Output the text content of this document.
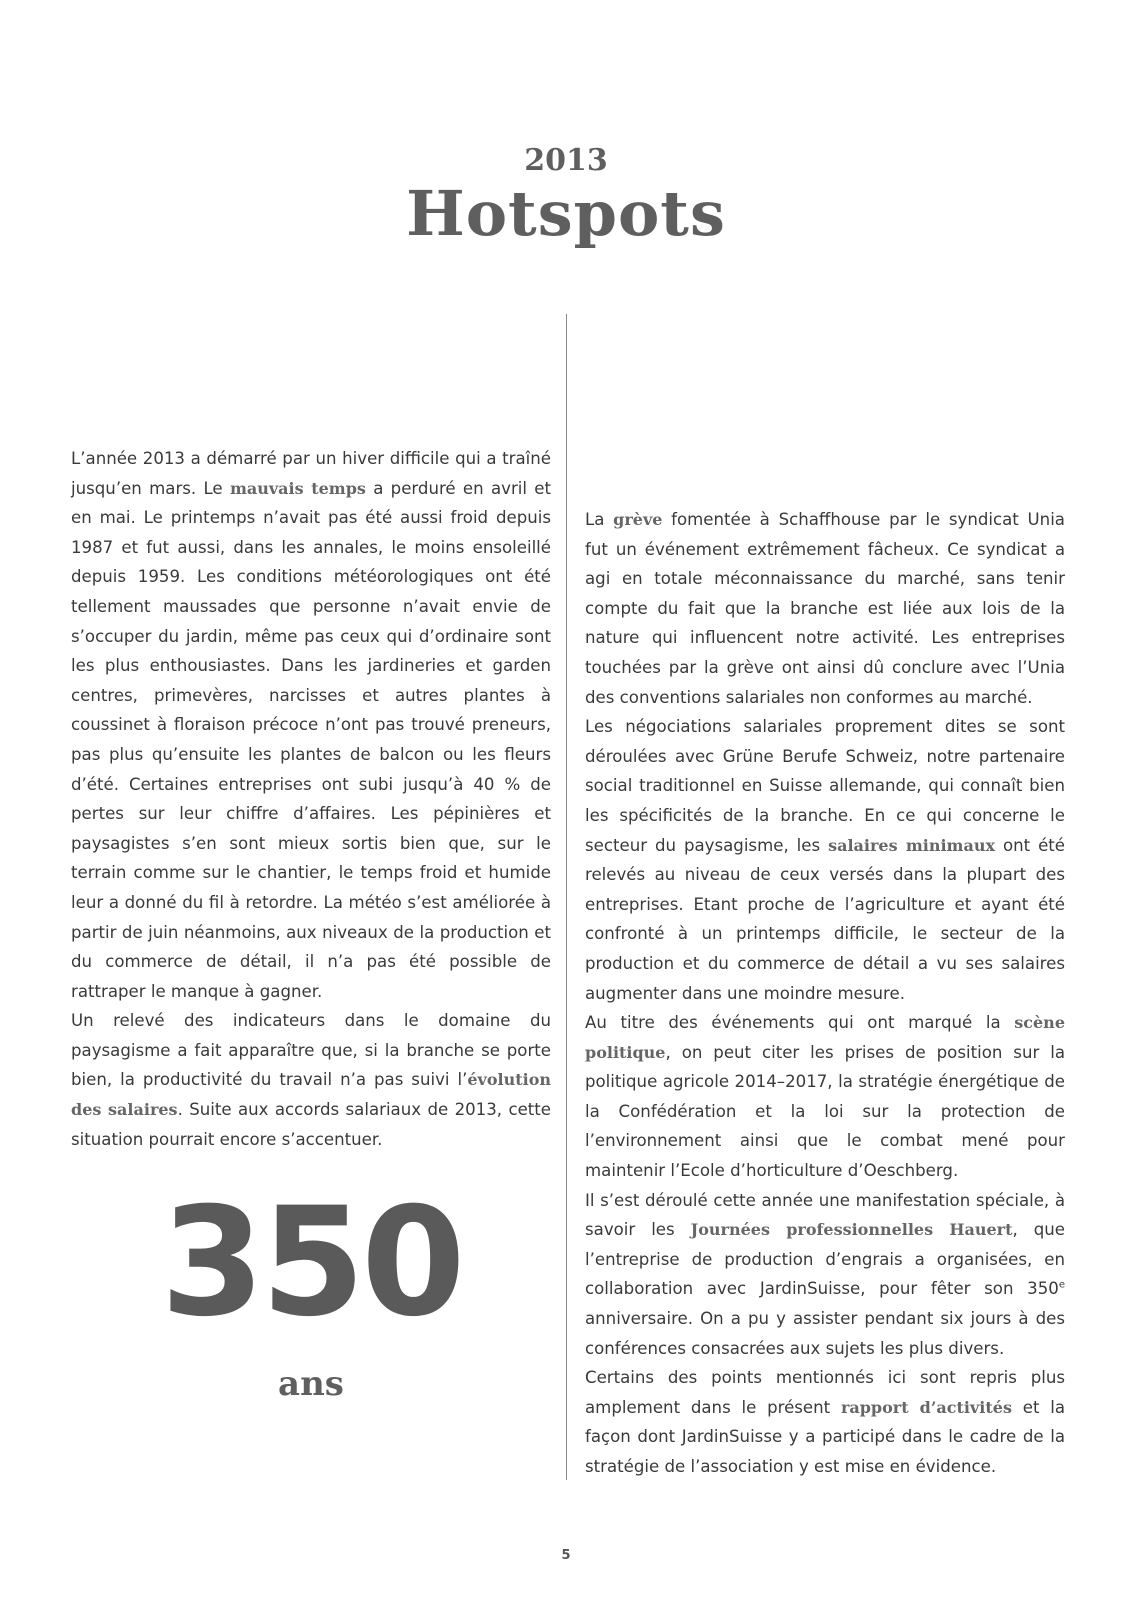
2013
Hotspots

L’année 2013 a démarré par un hiver difficile qui a traîné jusqu’en mars. Le mauvais temps a perduré en avril et en mai. Le printemps n’avait pas été aussi froid depuis 1987 et fut aussi, dans les annales, le moins ensoleillé depuis 1959. Les conditions météorologiques ont été tellement maussades que personne n’avait envie de s’occuper du jardin, même pas ceux qui d’ordinaire sont les plus enthousiastes. Dans les jardineries et garden centres, primevères, narcisses et autres plantes à coussinet à floraison précoce n’ont pas trouvé preneurs, pas plus qu’ensuite les plantes de balcon ou les fleurs d’été. Certaines entreprises ont subi jusqu’à 40 % de pertes sur leur chiffre d’affaires. Les pépinières et paysagistes s’en sont mieux sortis bien que, sur le terrain comme sur le chantier, le temps froid et humide leur a donné du fil à retordre. La météo s’est améliorée à partir de juin néanmoins, aux niveaux de la production et du commerce de détail, il n’a pas été possible de rattraper le manque à gagner.

Un relevé des indicateurs dans le domaine du paysagisme a fait apparaître que, si la branche se porte bien, la productivité du travail n’a pas suivi l’évolution des salaires. Suite aux accords salariaux de 2013, cette situation pourrait encore s’accentuer.

350
ans

La grève fomentée à Schaffhouse par le syndicat Unia fut un événement extrêmement fâcheux. Ce syndicat a agi en totale méconnaissance du marché, sans tenir compte du fait que la branche est liée aux lois de la nature qui influencent notre activité. Les entreprises touchées par la grève ont ainsi dû conclure avec l’Unia des conventions salariales non conformes au marché.

Les négociations salariales proprement dites se sont déroulées avec Grüne Berufe Schweiz, notre partenaire social traditionnel en Suisse allemande, qui connaît bien les spécificités de la branche. En ce qui concerne le secteur du paysagisme, les salaires minimaux ont été relevés au niveau de ceux versés dans la plupart des entreprises. Etant proche de l’agriculture et ayant été confronté à un printemps difficile, le secteur de la production et du commerce de détail a vu ses salaires augmenter dans une moindre mesure.

Au titre des événements qui ont marqué la scène politique, on peut citer les prises de position sur la politique agricole 2014–2017, la stratégie énergétique de la Confédération et la loi sur la protection de l’environnement ainsi que le combat mené pour maintenir l’Ecole d’horticulture d’Oeschberg.

Il s’est déroulé cette année une manifestation spéciale, à savoir les Journées professionnelles Hauert, que l’entreprise de production d’engrais a organisées, en collaboration avec JardinSuisse, pour fêter son 350e anniversaire. On a pu y assister pendant six jours à des conférences consacrées aux sujets les plus divers.

Certains des points mentionnés ici sont repris plus amplement dans le présent rapport d’activités et la façon dont JardinSuisse y a participé dans le cadre de la stratégie de l’association y est mise en évidence.

5
